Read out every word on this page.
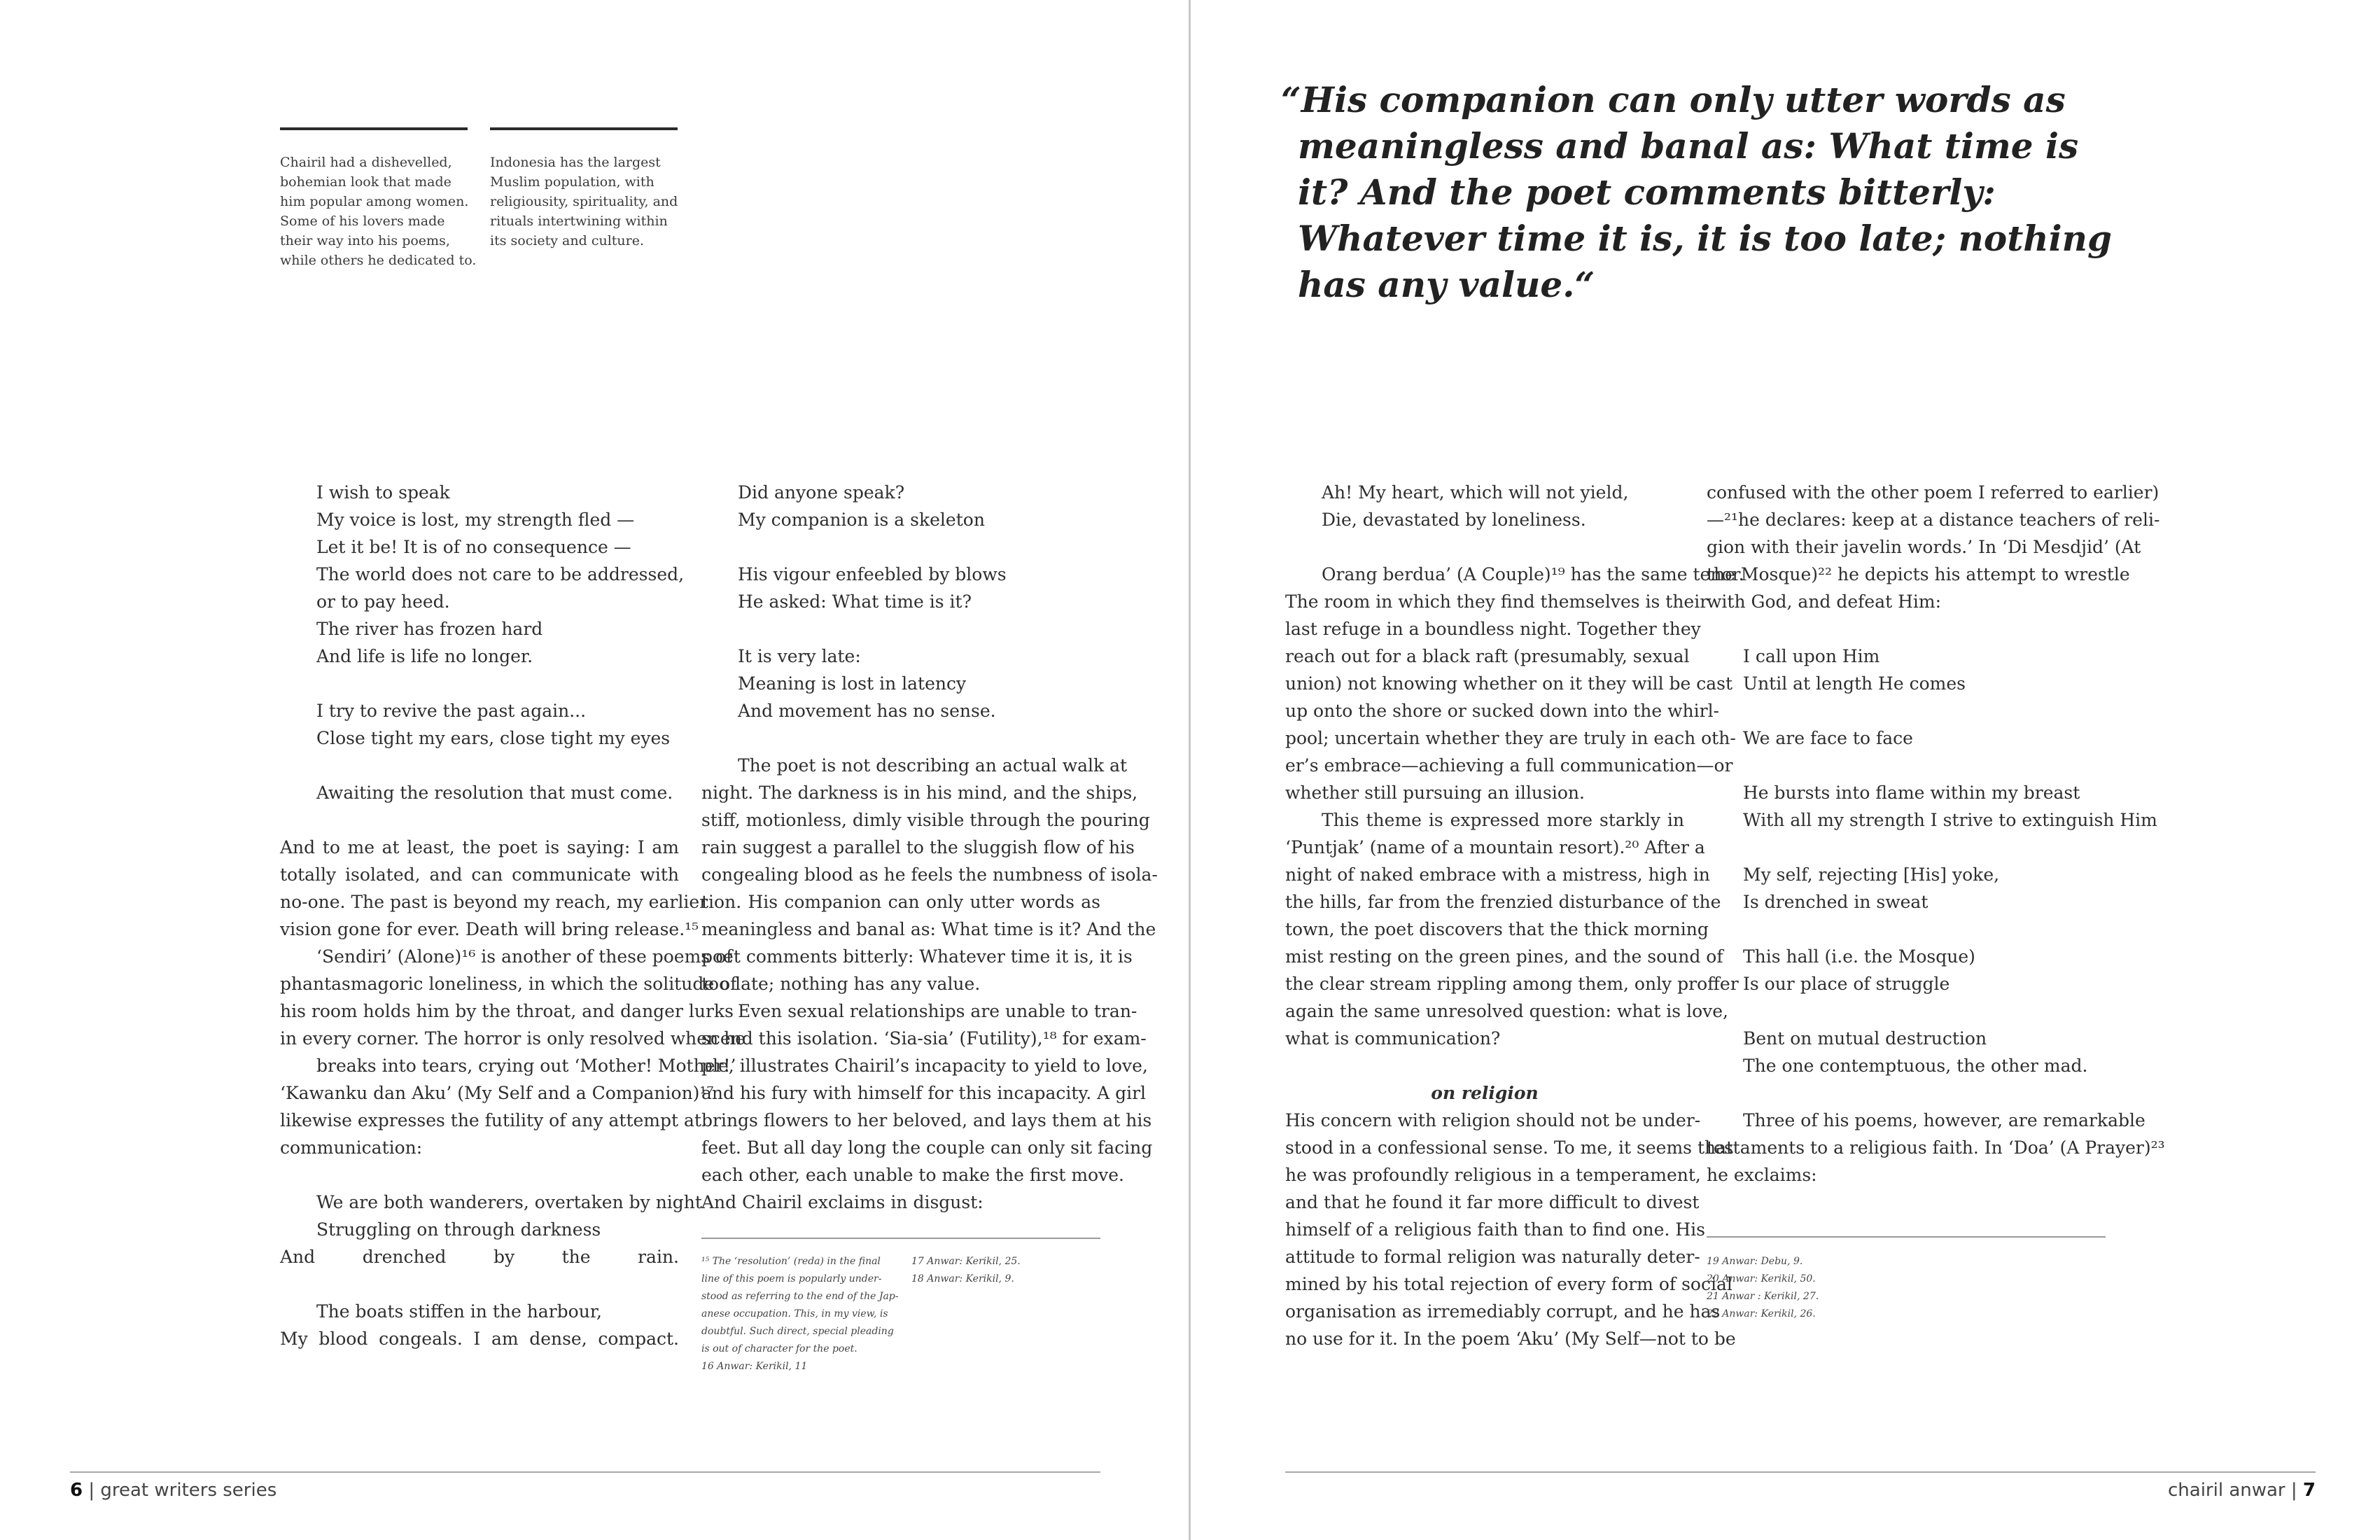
Chairil had a dishevelled,
bohemian look that made
him popular among women.
Some of his lovers made
their way into his poems,
while others he dedicated to.
Indonesia has the largest
Muslim population, with
religiousity, spirituality, and
rituals intertwining within
its society and culture.
“His companion can only utter words as
meaningless and banal as: What time is
it? And the poet comments bitterly:
Whatever time it is, it is too late; nothing
has any value.“
I wish to speak
My voice is lost, my strength fled —
Let it be! It is of no consequence —
The world does not care to be addressed,
or to pay heed.
The river has frozen hard
And life is life no longer.
I try to revive the past again...
Close tight my ears, close tight my eyes
Awaiting the resolution that must come.
And to me at least, the poet is saying: I am
totally isolated, and can communicate with
no-one. The past is beyond my reach, my earlier
vision gone for ever. Death will bring release.¹⁵
‘Sendiri’ (Alone)¹⁶ is another of these poems of
phantasmagoric loneliness, in which the solitude of
his room holds him by the throat, and danger lurks
in every corner. The horror is only resolved when he
breaks into tears, crying out ‘Mother! Mother!’
‘Kawanku dan Aku’ (My Self and a Companion)¹⁷
likewise expresses the futility of any attempt at
communication:
We are both wanderers, overtaken by night
Struggling on through darkness
And drenched by the rain.
The boats stiffen in the harbour,
My blood congeals. I am dense, compact.
Did anyone speak?
My companion is a skeleton
His vigour enfeebled by blows
He asked: What time is it?
It is very late:
Meaning is lost in latency
And movement has no sense.
The poet is not describing an actual walk at
night. The darkness is in his mind, and the ships,
stiff, motionless, dimly visible through the pouring
rain suggest a parallel to the sluggish flow of his
congealing blood as he feels the numbness of isola-
tion. His companion can only utter words as
meaningless and banal as: What time is it? And the
poet comments bitterly: Whatever time it is, it is
too late; nothing has any value.
Even sexual relationships are unable to tran-
scend this isolation. ‘Sia-sia’ (Futility),¹⁸ for exam-
ple, illustrates Chairil’s incapacity to yield to love,
and his fury with himself for this incapacity. A girl
brings flowers to her beloved, and lays them at his
feet. But all day long the couple can only sit facing
each other, each unable to make the first move.
And Chairil exclaims in disgust:
Ah! My heart, which will not yield,
Die, devastated by loneliness.
Orang berdua’ (A Couple)¹⁹ has the same tenor.
The room in which they find themselves is their
last refuge in a boundless night. Together they
reach out for a black raft (presumably, sexual
union) not knowing whether on it they will be cast
up onto the shore or sucked down into the whirl-
pool; uncertain whether they are truly in each oth-
er’s embrace—achieving a full communication—or
whether still pursuing an illusion.
This theme is expressed more starkly in
‘Puntjak’ (name of a mountain resort).²⁰ After a
night of naked embrace with a mistress, high in
the hills, far from the frenzied disturbance of the
town, the poet discovers that the thick morning
mist resting on the green pines, and the sound of
the clear stream rippling among them, only proffer
again the same unresolved question: what is love,
what is communication?
on religion
His concern with religion should not be under-
stood in a confessional sense. To me, it seems that
he was profoundly religious in a temperament,
and that he found it far more difficult to divest
himself of a religious faith than to find one. His
attitude to formal religion was naturally deter-
mined by his total rejection of every form of social
organisation as irremediably corrupt, and he has
no use for it. In the poem ‘Aku’ (My Self—not to be
confused with the other poem I referred to earlier)
—²¹he declares: keep at a distance teachers of reli-
gion with their javelin words.’ In ‘Di Mesdjid’ (At
the Mosque)²² he depicts his attempt to wrestle
with God, and defeat Him:
I call upon Him
Until at length He comes
We are face to face
He bursts into flame within my breast
With all my strength I strive to extinguish Him
My self, rejecting [His] yoke,
Is drenched in sweat
This hall (i.e. the Mosque)
Is our place of struggle
Bent on mutual destruction
The one contemptuous, the other mad.
Three of his poems, however, are remarkable
testaments to a religious faith. In ‘Doa’ (A Prayer)²³
he exclaims:
¹⁵ The ‘resolution’ (reda) in the final
line of this poem is popularly under-
stood as referring to the end of the Jap-
anese occupation. This, in my view, is
doubtful. Such direct, special pleading
is out of character for the poet.
16 Anwar: Kerikil, 11
17 Anwar: Kerikil, 25.
18 Anwar: Kerikil, 9.
19 Anwar: Debu, 9.
20 Anwar: Kerikil, 50.
21 Anwar : Kerikil, 27.
22 Anwar: Kerikil, 26.
6 | great writers series	chairil anwar | 7
